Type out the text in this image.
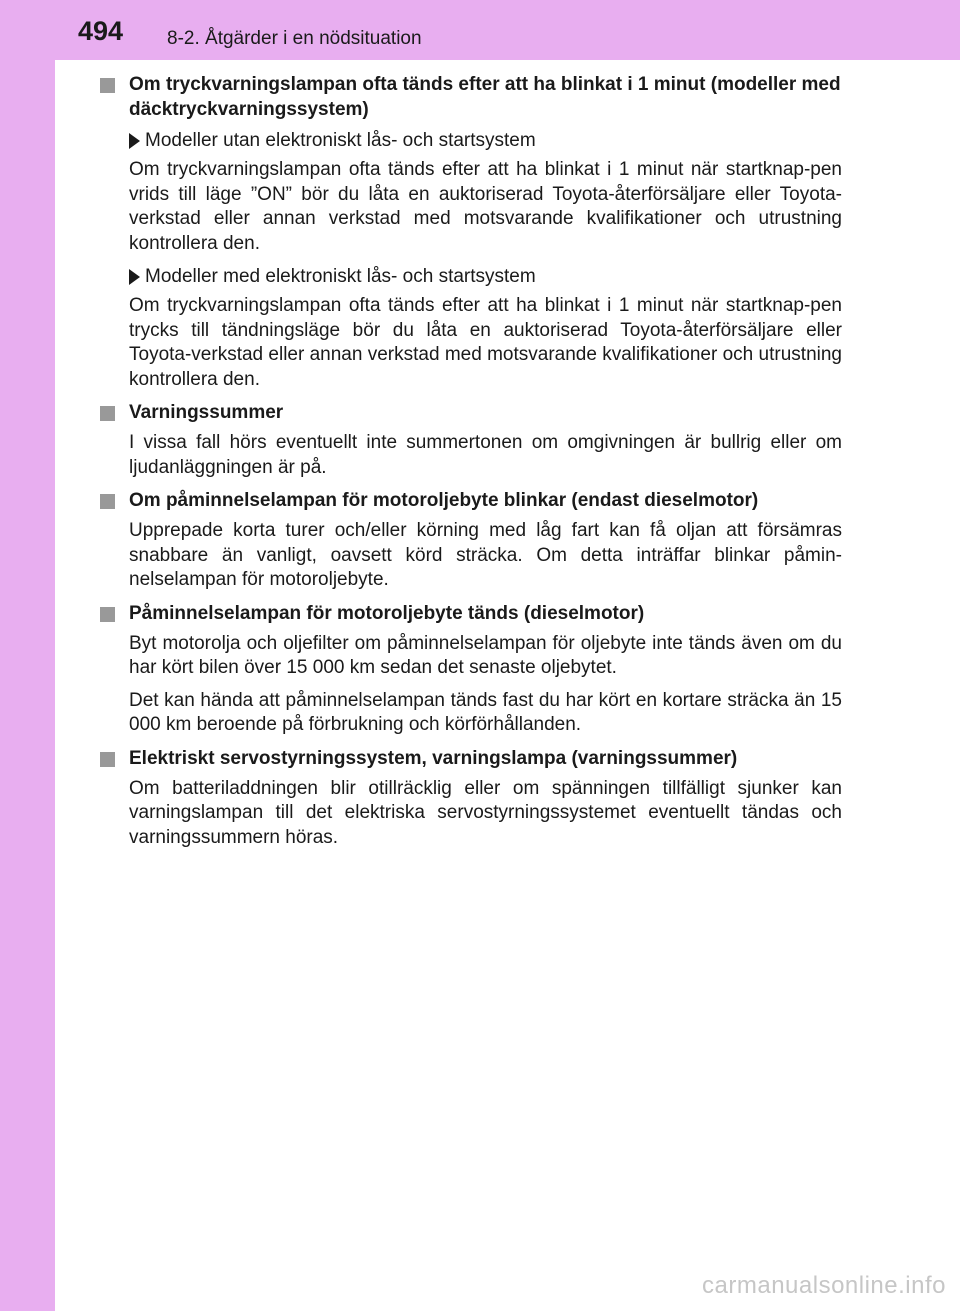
494 8-2. Åtgärder i en nödsituation
Om tryckvarningslampan ofta tänds efter att ha blinkat i 1 minut (modeller med däcktryckvarningssystem)
Modeller utan elektroniskt lås- och startsystem

Om tryckvarningslampan ofta tänds efter att ha blinkat i 1 minut när startknap-pen vrids till läge ”ON” bör du låta en auktoriserad Toyota-återförsäljare eller Toyota-verkstad eller annan verkstad med motsvarande kvalifikationer och utrustning kontrollera den.

Modeller med elektroniskt lås- och startsystem

Om tryckvarningslampan ofta tänds efter att ha blinkat i 1 minut när startknap-pen trycks till tändningsläge bör du låta en auktoriserad Toyota-återförsäljare eller Toyota-verkstad eller annan verkstad med motsvarande kvalifikationer och utrustning kontrollera den.

Varningssummer

I vissa fall hörs eventuellt inte summertonen om omgivningen är bullrig eller om ljudanläggningen är på.

Om påminnelselampan för motoroljebyte blinkar (endast dieselmotor)

Upprepade korta turer och/eller körning med låg fart kan få oljan att försämras snabbare än vanligt, oavsett körd sträcka. Om detta inträffar blinkar påmin-nelselampan för motoroljebyte.

Påminnelselampan för motoroljebyte tänds (dieselmotor)

Byt motorolja och oljefilter om påminnelselampan för oljebyte inte tänds även om du har kört bilen över 15 000 km sedan det senaste oljebytet.

Det kan hända att påminnelselampan tänds fast du har kört en kortare sträcka än 15 000 km beroende på förbrukning och körförhållanden.

Elektriskt servostyrningssystem, varningslampa (varningssummer)

Om batteriladdningen blir otillräcklig eller om spänningen tillfälligt sjunker kan varningslampan till det elektriska servostyrningssystemet eventuellt tändas och varningssummern höras.

carmanualsonline.info
